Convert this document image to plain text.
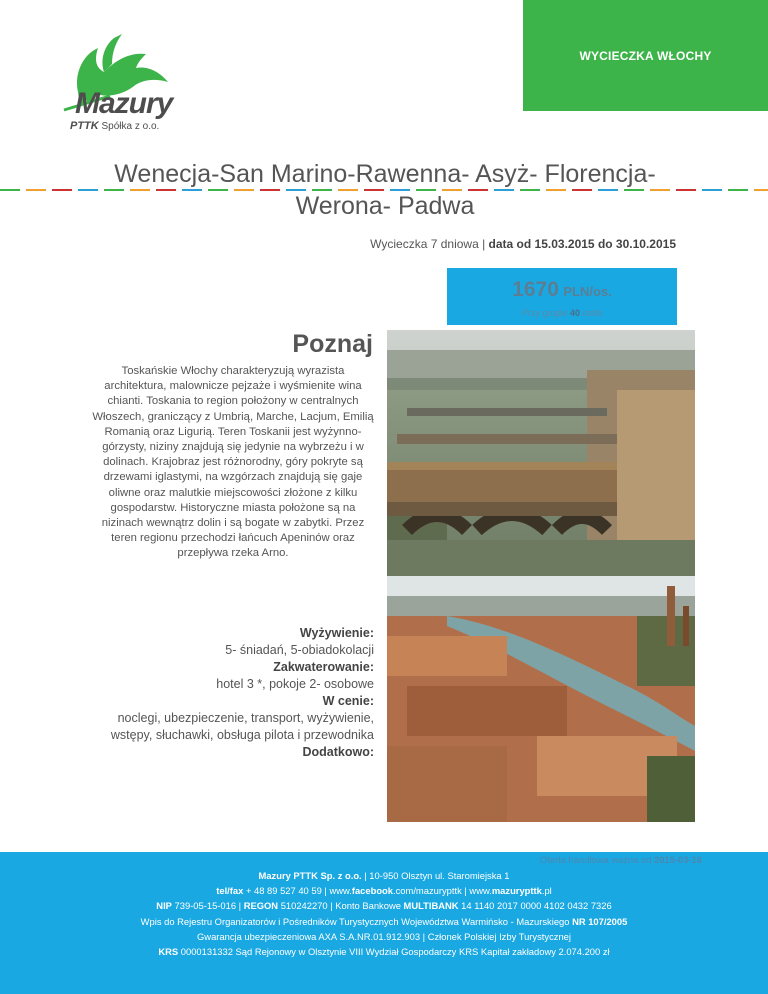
WYCIECZKA WŁOCHY
Mazury
PTTK Spółka z o.o.
Wenecja-San Marino-Rawenna- Asyż- Florencja-
Werona- Padwa
Wycieczka 7 dniowa | data od 15.03.2015 do 30.10.2015
1670 PLN/os.
Przy grupie 40 osób
Poznaj
Toskańskie Włochy charakteryzują wyrazista architektura, malownicze pejzaże i wyśmienite wina chianti. Toskania to region położony w centralnych Włoszech, graniczący z Umbrią, Marche, Lacjum, Emilią Romanią oraz Ligurią. Teren Toskanii jest wyżynno-górzysty, niziny znajdują się jedynie na wybrzeżu i w dolinach. Krajobraz jest różnorodny, góry pokryte są drzewami iglastymi, na wzgórzach znajdują się gaje oliwne oraz malutkie miejscowości złożone z kilku gospodarstw. Historyczne miasta położone są na nizinach wewnątrz dolin i są bogate w zabytki. Przez teren regionu przechodzi łańcuch Apeninów oraz przepływa rzeka Arno.
Wyżywienie:
5- śniadań, 5-obiadokolacji
Zakwaterowanie:
hotel 3 *, pokoje 2- osobowe
W cenie:
noclegi, ubezpieczenie, transport, wyżywienie, wstępy, słuchawki, obsługa pilota i przewodnika
Dodatkowo:
Oferta handlowa ważna od 2015-03-16
Mazury PTTK Sp. z o.o. | 10-950 Olsztyn ul. Staromiejska 1
tel/fax + 48 89 527 40 59 | www.facebook.com/mazurypttk | www.mazurypttk.pl
NIP 739-05-15-016 | REGON 510242270 | Konto Bankowe MULTIBANK 14 1140 2017 0000 4102 0432 7326
Wpis do Rejestru Organizatorów i Pośredników Turystycznych Województwa Warmińsko - Mazurskiego NR 107/2005
Gwarancja ubezpieczeniowa AXA S.A.NR.01.912.903 | Członek Polskiej Izby Turystycznej
KRS 0000131332 Sąd Rejonowy w Olsztynie VIII Wydział Gospodarczy KRS Kapitał zakładowy 2.074.200 zł
